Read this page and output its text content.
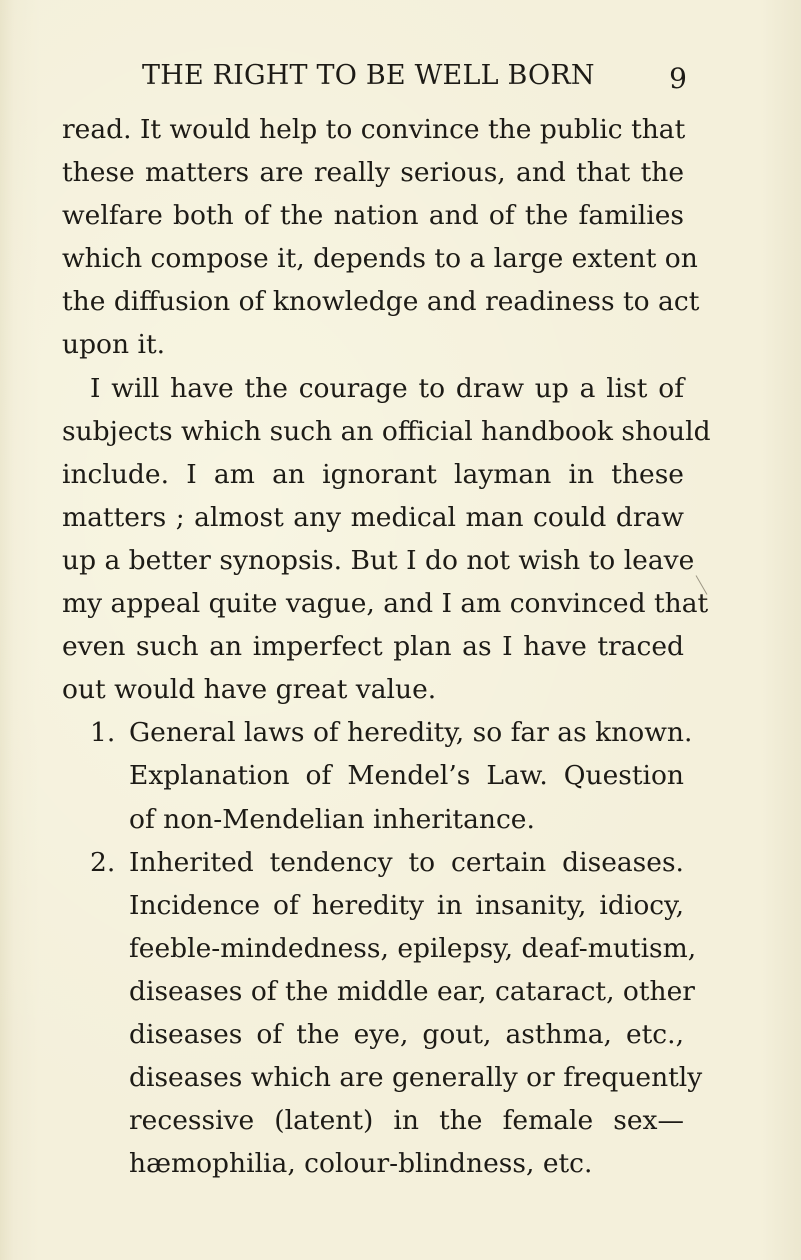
THE RIGHT TO BE WELL BORN	9
read. It would help to convince the public that
these matters are really serious, and that the
welfare both of the nation and of the families
which compose it, depends to a large extent on
the diffusion of knowledge and readiness to act
upon it.
I will have the courage to draw up a list of
subjects which such an official handbook should
include. I am an ignorant layman in these
matters ; almost any medical man could draw
up a better synopsis. But I do not wish to leave
my appeal quite vague, and I am convinced that
even such an imperfect plan as I have traced
out would have great value.
1. General laws of heredity, so far as known.
Explanation of Mendel’s Law. Question
of non-Mendelian inheritance.
2. Inherited tendency to certain diseases.
Incidence of heredity in insanity, idiocy,
feeble-mindedness, epilepsy, deaf-mutism,
diseases of the middle ear, cataract, other
diseases of the eye, gout, asthma, etc.,
diseases which are generally or frequently
recessive (latent) in the female sex—
hæmophilia, colour-blindness, etc.
